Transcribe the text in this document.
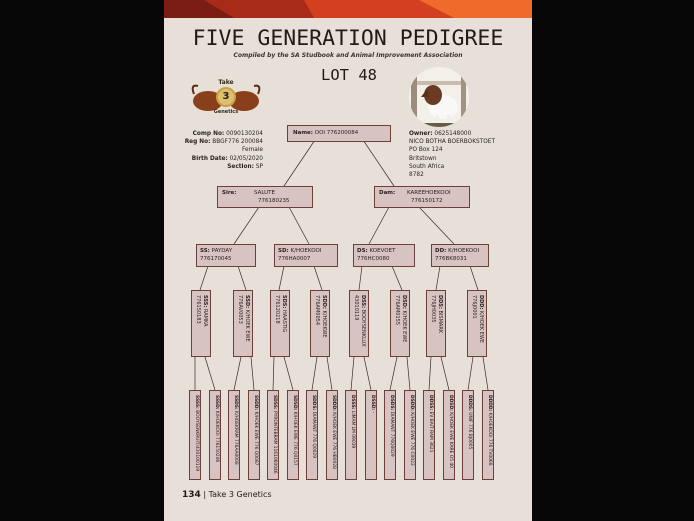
FIVE GENERATION PEDIGREE
Compiled by the SA Studbook and Animal Improvement Association
LOT 48
Take
3
Genetics
Comp No: 0090130204
Reg No: BBGF776 200084
Female
Birth Date: 02/05/2020
Section: SP
Owner: 0625148000
NICO BOTHA BOERBOKSTOET
PO Box 124
Britstown
South Africa
8782
Name: OOI 776200084
Sire:	SALUTE
776180235
Dam: KAREEHOEKOOI
776150172
SS: PAYDAY
776170045
SD: K/HOEKOOI
776HA0007
DS: KOEVOET
776HC0080
DD: K/HOEKOOI
776BK8031
SSS: RAMKA
776150183	SSD: K/HOEK EWE
776AV0053	SDS: HAASTIG
776120218	SDD: K/HOEKWE
776AM0054	DSS: BOOYSENKLUX
43010119	DSD: K/HOEK EWE
776AM0155	DDS: BISMARK
776JH0035	DDD: K/HOEK EWE
776J0001
SSSS: BOOYSENKRUIT/430100119
SSSD: K/HOEKOOI 776150206
SSDS: K/HOEKRAM 776AA0008
SSDD: K/HOEK EWE 776 Q0087
SDSS: PYRONTEBRAM 1161060046
SDSD: K/HOEK EWE 776 Q0157
SDDS: DIAMANT 776 Q0029
SDDD: K/HOEK EWE 776 HB0028
DSSS: LIMAM LM 09039
DSSD: -
DSDS: DIAMANT 776Q0029
DSDD: K/HOEK EWE 776 C0022
DDSS: EV BAIT RAM 3621
DDSD: K/HOEK EWE KARE O5 40
DDDS: UNIF 776 BJ0005
DDDD: K/HOEKOOI 776 TV0068
134 | Take 3 Genetics
